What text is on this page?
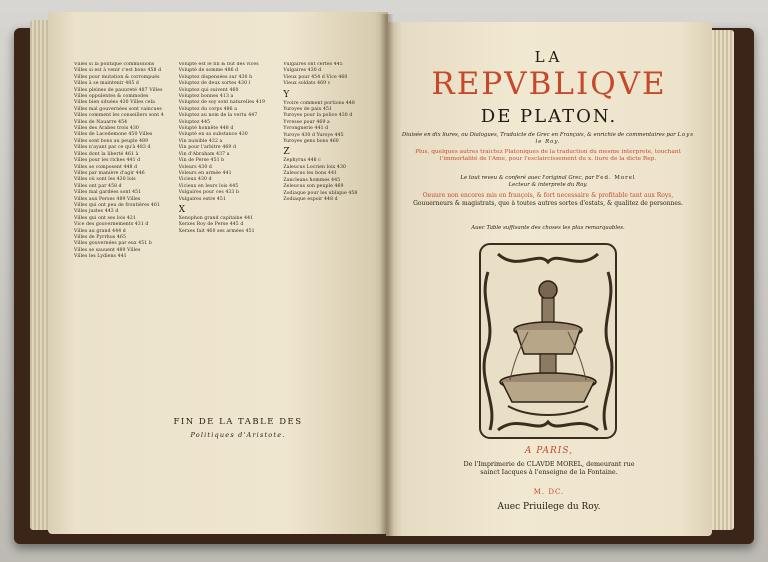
Villes si la politique commissions

Villes si est à venir c'est bons 458 d

Villes pour mutation & corrompuës

Villes à se maintenir 485 d

Villes pleines de pauureté 487 Villes

Villes oppulentes & commodes

Villes bien situées 430 Villes cela

Villes mal gouvernées sont vaincues

Villes comment les conseillers sont 4

Villes de Nauarre 454

Villes des Arabes trois 430

Villes de Lacedemone 450 Villes

Villes sont bons au peuple 489

Villes n'ayant par ce qu'à 483 d

Villes dont la liberté 461 à

Villes pour les riches 441 d

Villes se composent 448 d

Villes par manière d'agir 446

Villes où sont les 430 lois

Villes ont par 458 d

Villes mal gardées sont 451

Villes aux Perses 489 Villes

Villes qui ont peu de frontières 461

Villes justes 443 d

Villes qui ont ses lois 421

Vice des gouvernements 431 d

Villes au grand 444 d

Villes de Pyrrhus 465

Villes gouvernées par eux 451 b

Villes se sauuent 489 Villes

Villes les Lydiens 441

Volupté est le fin & but des vices

Volupté de somme 486 d

Voluptez dispensées sur 430 h

Voluptez de deux sortes 430 l

Voluptez qui suivent 460

Voluptez bonnes 413 a

Voluptez de soy sont naturelles 419

Voluptez du corps 486 a

Voluptez au nom de la vertu 447

Voluptez 445

Volupté honnête 448 d

Volupté en sa substance 430

Vin nuisible 432 a

Vin pour l'arbitre 469 d

Vin d'Abraham 437 a

Vin de Perse 451 b

Voleurs 430 d

Voleurs en armée 441

Vicieux 430 d

Vicieux en leurs lois 445

Vulgaires pour ces 433 b

Vulgaires estre 451

X

Xenophon grand capitaine 441

Xerxes Roy de Perse 445 d

Xerxes fait 460 ses armées 451

Vulgaires ont certes 445

Vulgaires 430 d

Vieux pour 454 d Vice 460

Vieux soldats 469 c

Y

Yvoire comment portions 448

Yuroyes de paix 451

Yuroyes pour la police 430 d

Yvresse pour 469 a

Yvrongnerie 441 d

Yuroye 430 d Yuroye 445

Yuroyes gens bons 460

Z

Zephyrus 448 c

Zaleucus Locrien loix 430

Zaleucus les bons 441

Zancleans hommes 445

Zeleucus son peuple 469

Zodiaque pour les ublique 458

Zodiaque espoir 448 d

FIN DE LA TABLE DES
Politiques d'Aristote.
LA
REPVBLIQVE
DE PLATON.
Diuisée en dix liures, ou Dialogues, Traduicte de Grec en François, & enrichie de commentaires par Loys le Roy.
Plus, quelques autres traictez Platoniques de la traduction du mesme interprete, touchant l'immortalité de l'Ame, pour l'esclaircissement du x. liure de la dicte Rep.
Le tout reveu & conferé auec l'original Grec, par Fed. Morel
Lecteur & interprete du Roy.
Oeuure non encores mis en françois, & fort necessaire & profitable tant aux Roys,
Gouuerneurs & magistrats, que à toutes autres sortes d'estats, & qualitez de personnes.
Auec Table suffisante des choses les plus remarquables.
A PARIS,
De l'Imprimerie de CLAVDE MOREL, demeurant rue
sainct Iacques à l'enseigne de la Fontaine.
M. DC.
Auec Priuilege du Roy.
